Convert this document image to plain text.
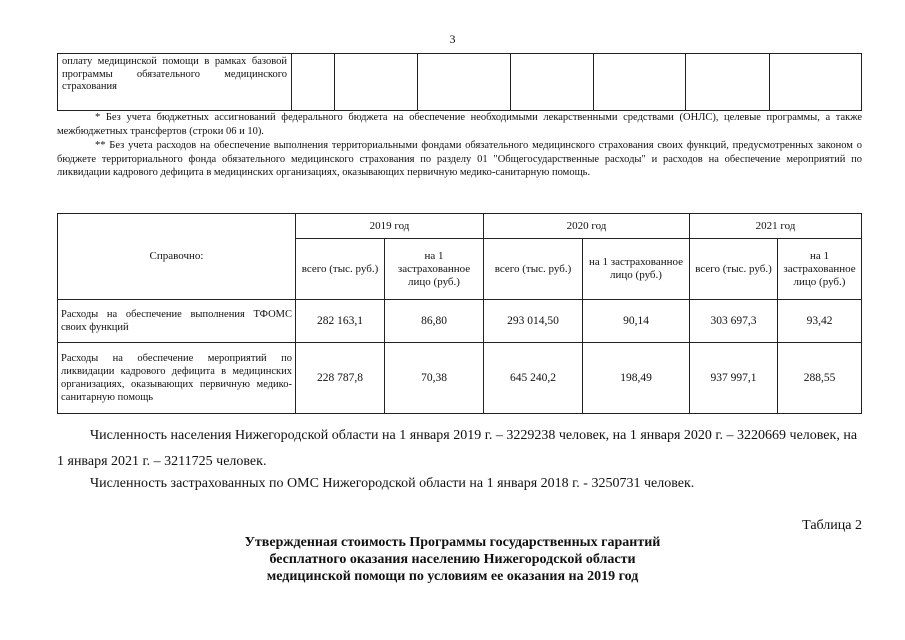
3
оплату медицинской помощи в рамках базовой программы обязательного медицинского страхования							

* Без учета бюджетных ассигнований федерального бюджета на обеспечение необходимыми лекарственными средствами (ОНЛС), целевые программы, а также межбюджетных трансфертов (строки 06 и 10).

** Без учета расходов на обеспечение выполнения территориальными фондами обязательного медицинского страхования своих функций, предусмотренных законом о бюджете территориального фонда обязательного медицинского страхования по разделу 01 "Общегосударственные расходы" и расходов на обеспечение мероприятий по ликвидации кадрового дефицита в медицинских организациях, оказывающих первичную медико-санитарную помощь.

Справочно:	2019 год		2020 год		2021 год	
	всего (тыс. руб.)	на 1 застрахованное лицо (руб.)	всего (тыс. руб.)	на 1 застрахованное лицо (руб.)	всего (тыс. руб.)	на 1 застрахованное лицо (руб.)
Расходы на обеспечение выполнения ТФОМС своих функций	282 163,1	86,80	293 014,50	90,14	303 697,3	93,42
Расходы на обеспечение мероприятий по ликвидации кадрового дефицита в медицинских организациях, оказывающих первичную медико-санитарную помощь	228 787,8	70,38	645 240,2	198,49	937 997,1	288,55

Численность населения Нижегородской области на 1 января 2019 г. – 3229238 человек, на 1 января 2020 г. – 3220669 человек, на 1 января 2021 г. – 3211725 человек.

Численность застрахованных по ОМС Нижегородской области на 1 января 2018 г. - 3250731 человек.

Таблица 2
Утвержденная стоимость Программы государственных гарантий
бесплатного оказания населению Нижегородской области
медицинской помощи по условиям ее оказания на 2019 год
